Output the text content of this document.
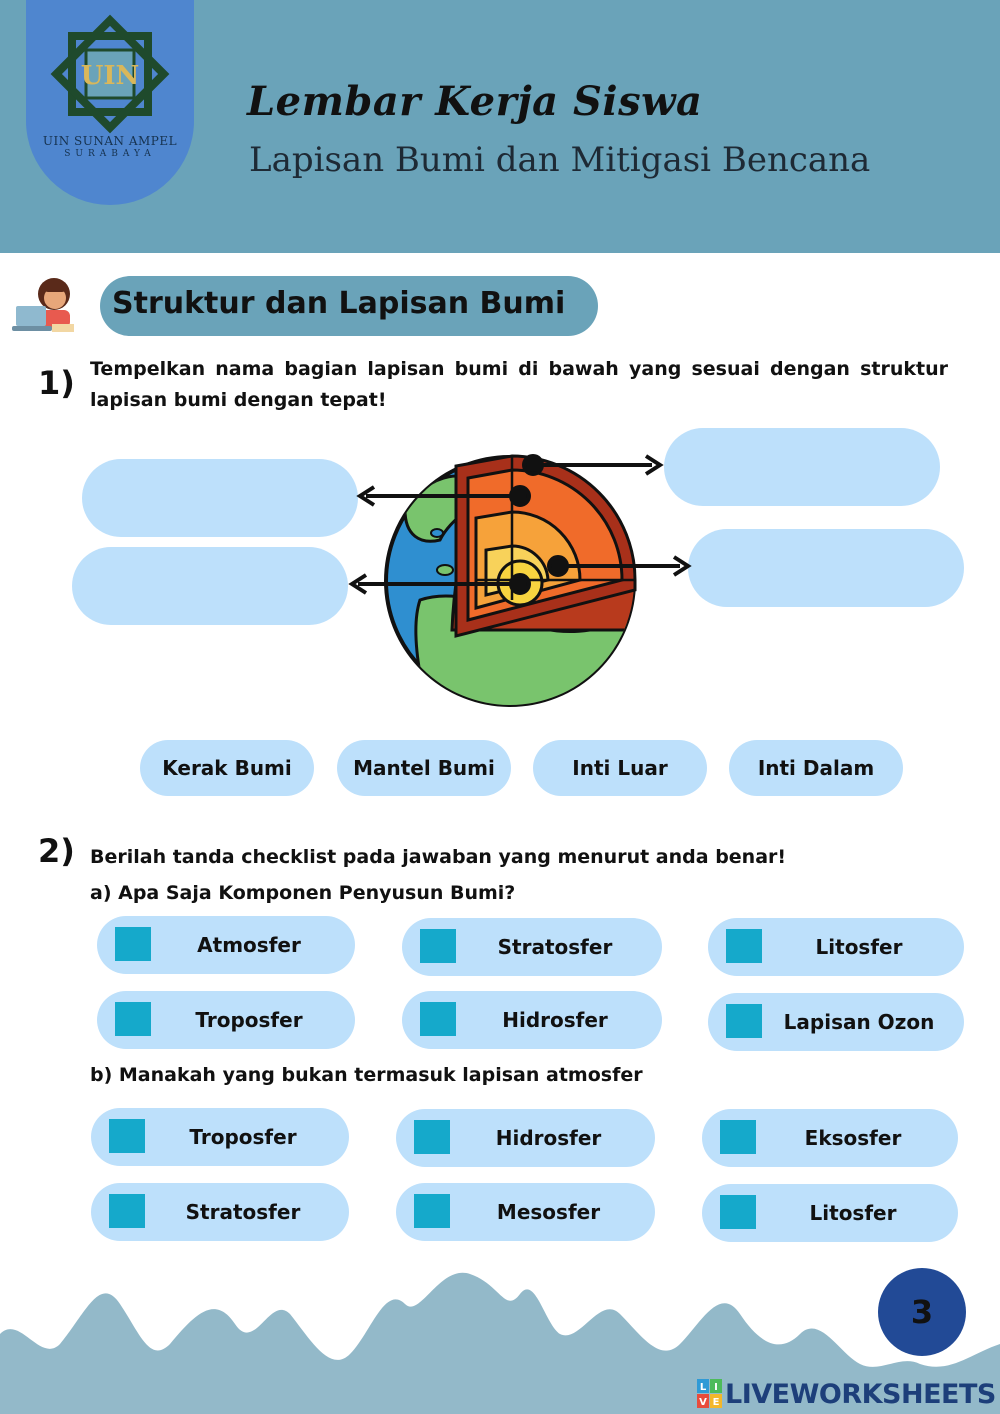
UIN
UIN SUNAN AMPEL
SURABAYA
Lembar Kerja Siswa
Lapisan Bumi dan Mitigasi Bencana
Struktur dan Lapisan Bumi
1) Tempelkan nama bagian lapisan bumi di bawah yang sesuai dengan struktur lapisan bumi dengan tepat!
Kerak Bumi	Mantel Bumi	Inti Luar	Inti Dalam
2) Berilah tanda checklist pada jawaban yang menurut anda benar!
a) Apa Saja Komponen Penyusun Bumi?
Atmosfer	Stratosfer	Litosfer
Troposfer	Hidrosfer	Lapisan Ozon
b) Manakah yang bukan termasuk lapisan atmosfer
Troposfer	Hidrosfer	Eksosfer
Stratosfer	Mesosfer	Litosfer
3
L I
V E LIVEWORKSHEETS
